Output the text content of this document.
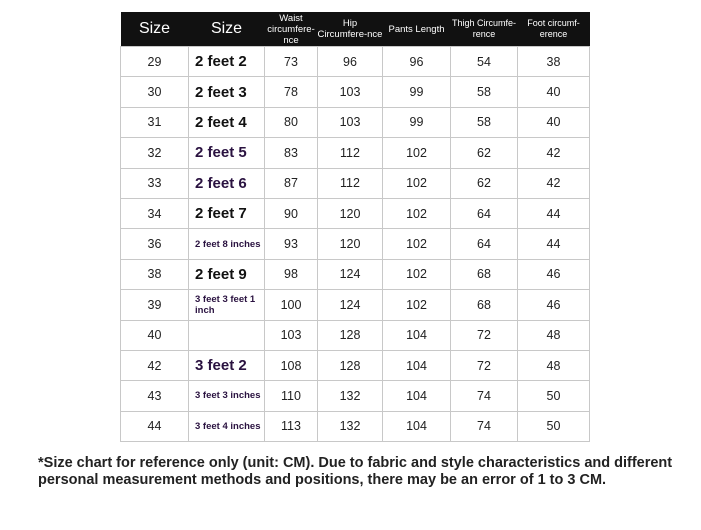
Size	Size	Waist circumfere-nce	Hip Circumfere-nce	Pants Length	Thigh Circumfe-rence	Foot circumf-erence
29	2 feet 2	73	96	96	54	38
30	2 feet 3	78	103	99	58	40
31	2 feet 4	80	103	99	58	40
32	2 feet 5	83	112	102	62	42
33	2 feet 6	87	112	102	62	42
34	2 feet 7	90	120	102	64	44
36	2 feet 8 inches	93	120	102	64	44
38	2 feet 9	98	124	102	68	46
39	3 feet 3 feet 1 inch	100	124	102	68	46
40		103	128	104	72	48
42	3 feet 2	108	128	104	72	48
43	3 feet 3 inches	110	132	104	74	50
44	3 feet 4 inches	113	132	104	74	50
*Size chart for reference only (unit: CM). Due to fabric and style characteristics and different personal measurement methods and positions, there may be an error of 1 to 3 CM.
